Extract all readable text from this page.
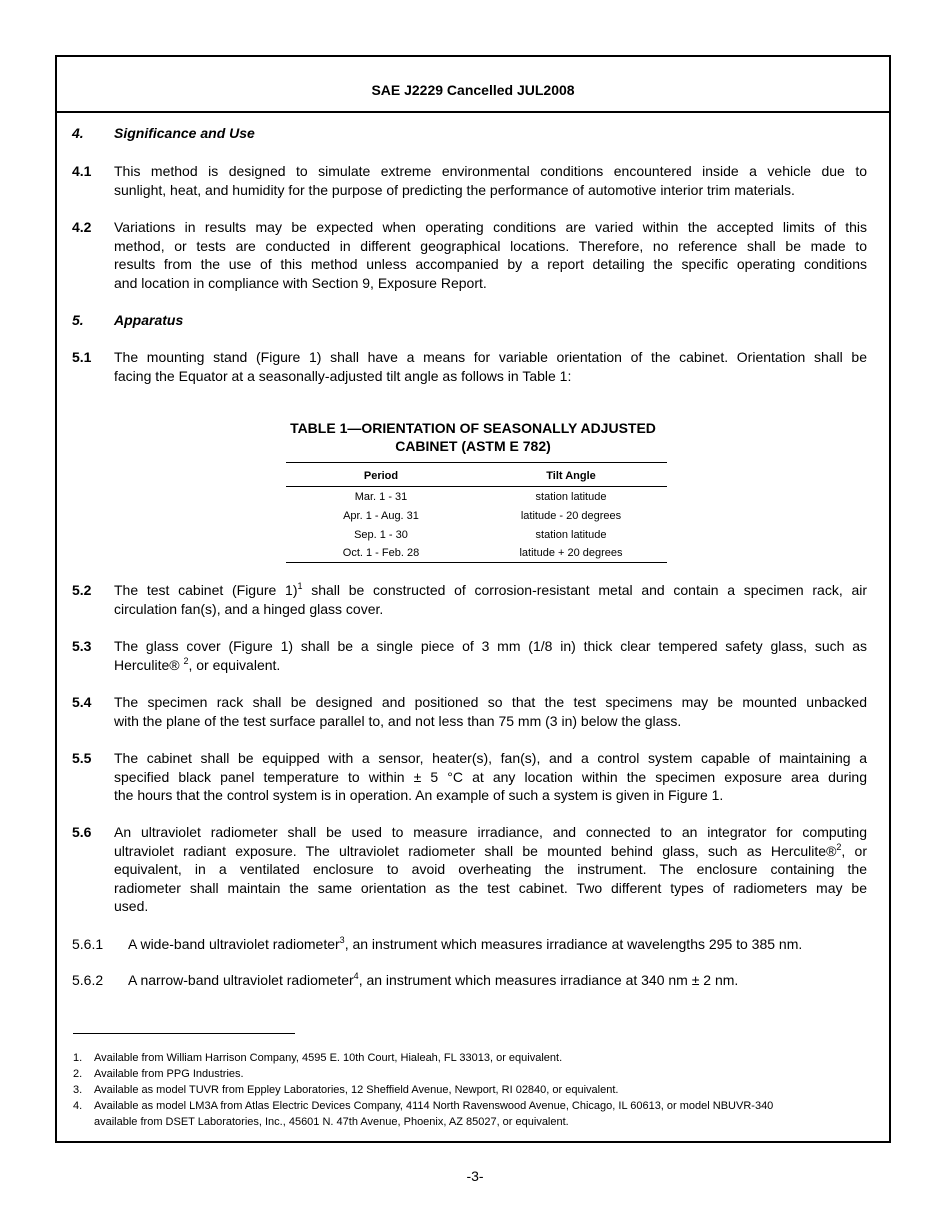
SAE J2229 Cancelled JUL2008
4. Significance and Use
4.1 This method is designed to simulate extreme environmental conditions encountered inside a vehicle due to
sunlight, heat, and humidity for the purpose of predicting the performance of automotive interior trim materials.
4.2 Variations in results may be expected when operating conditions are varied within the accepted limits of this
method, or tests are conducted in different geographical locations. Therefore, no reference shall be made to
results from the use of this method unless accompanied by a report detailing the specific operating conditions
and location in compliance with Section 9, Exposure Report.
5. Apparatus
5.1 The mounting stand (Figure 1) shall have a means for variable orientation of the cabinet. Orientation shall be
facing the Equator at a seasonally-adjusted tilt angle as follows in Table 1:
TABLE 1—ORIENTATION OF SEASONALLY ADJUSTED
CABINET (ASTM E 782)
Period	Tilt Angle
Mar. 1 - 31	station latitude
Apr. 1 - Aug. 31	latitude - 20 degrees
Sep. 1 - 30	station latitude
Oct. 1 - Feb. 28	latitude + 20 degrees
5.2 The test cabinet (Figure 1)$^1$ shall be constructed of corrosion-resistant metal and contain a specimen rack, air
circulation fan(s), and a hinged glass cover.
5.3 The glass cover (Figure 1) shall be a single piece of 3 mm (1/8 in) thick clear tempered safety glass, such as
Herculite® $^2$, or equivalent.
5.4 The specimen rack shall be designed and positioned so that the test specimens may be mounted unbacked
with the plane of the test surface parallel to, and not less than 75 mm (3 in) below the glass.
5.5 The cabinet shall be equipped with a sensor, heater(s), fan(s), and a control system capable of maintaining a
specified black panel temperature to within ± 5 °C at any location within the specimen exposure area during
the hours that the control system is in operation. An example of such a system is given in Figure 1.
5.6 An ultraviolet radiometer shall be used to measure irradiance, and connected to an integrator for computing
ultraviolet radiant exposure. The ultraviolet radiometer shall be mounted behind glass, such as Herculite®$^2$, or
equivalent, in a ventilated enclosure to avoid overheating the instrument. The enclosure containing the
radiometer shall maintain the same orientation as the test cabinet. Two different types of radiometers may be
used.
5.6.1 A wide-band ultraviolet radiometer$^3$, an instrument which measures irradiance at wavelengths 295 to 385 nm.
5.6.2 A narrow-band ultraviolet radiometer$^4$, an instrument which measures irradiance at 340 nm ± 2 nm.
1. Available from William Harrison Company, 4595 E. 10th Court, Hialeah, FL 33013, or equivalent.
2. Available from PPG Industries.
3. Available as model TUVR from Eppley Laboratories, 12 Sheffield Avenue, Newport, RI 02840, or equivalent.
4. Available as model LM3A from Atlas Electric Devices Company, 4114 North Ravenswood Avenue, Chicago, IL 60613, or model NBUVR-340
available from DSET Laboratories, Inc., 45601 N. 47th Avenue, Phoenix, AZ 85027, or equivalent.
-3-
